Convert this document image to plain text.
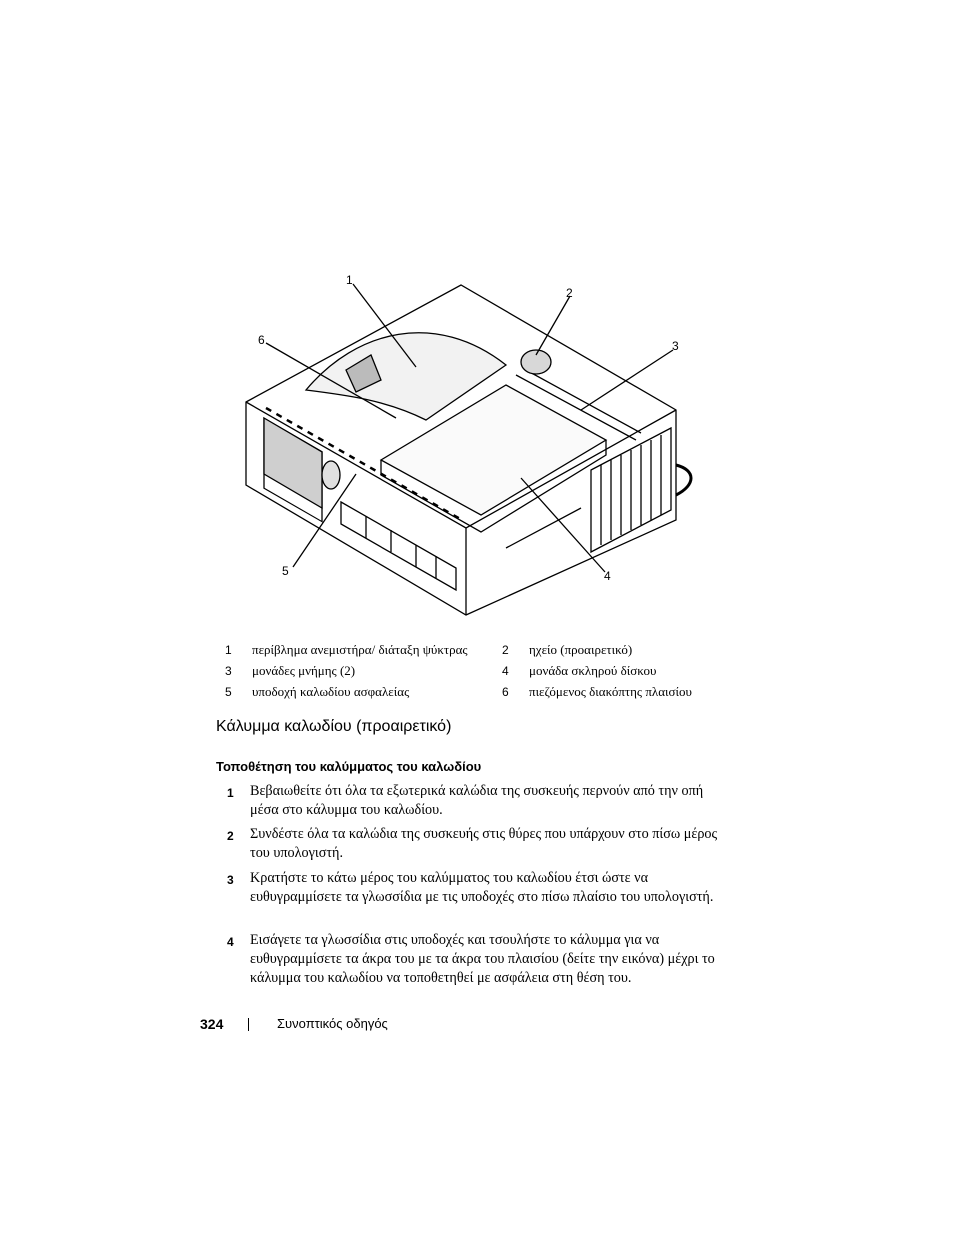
1
2
3
4
5
6
1 περίβλημα ανεμιστήρα/ διάταξη ψύκτρας	2 ηχείο (προαιρετικό)
3 μονάδες μνήμης (2)	4 μονάδα σκληρού δίσκου
5 υποδοχή καλωδίου ασφαλείας	6 πιεζόμενος διακόπτης πλαισίου
Κάλυμμα καλωδίου (προαιρετικό)
Τοποθέτηση του καλύμματος του καλωδίου
1 Βεβαιωθείτε ότι όλα τα εξωτερικά καλώδια της συσκευής περνούν από την οπή μέσα στο κάλυμμα του καλωδίου.
2 Συνδέστε όλα τα καλώδια της συσκευής στις θύρες που υπάρχουν στο πίσω μέρος του υπολογιστή.
3 Κρατήστε το κάτω μέρος του καλύμματος του καλωδίου έτσι ώστε να ευθυγραμμίσετε τα γλωσσίδια με τις υποδοχές στο πίσω πλαίσιο του υπολογιστή.
4 Εισάγετε τα γλωσσίδια στις υποδοχές και τσουλήστε το κάλυμμα για να ευθυγραμμίσετε τα άκρα του με τα άκρα του πλαισίου (δείτε την εικόνα) μέχρι το κάλυμμα του καλωδίου να τοποθετηθεί με ασφάλεια στη θέση του.
324	Συνοπτικός οδηγός
